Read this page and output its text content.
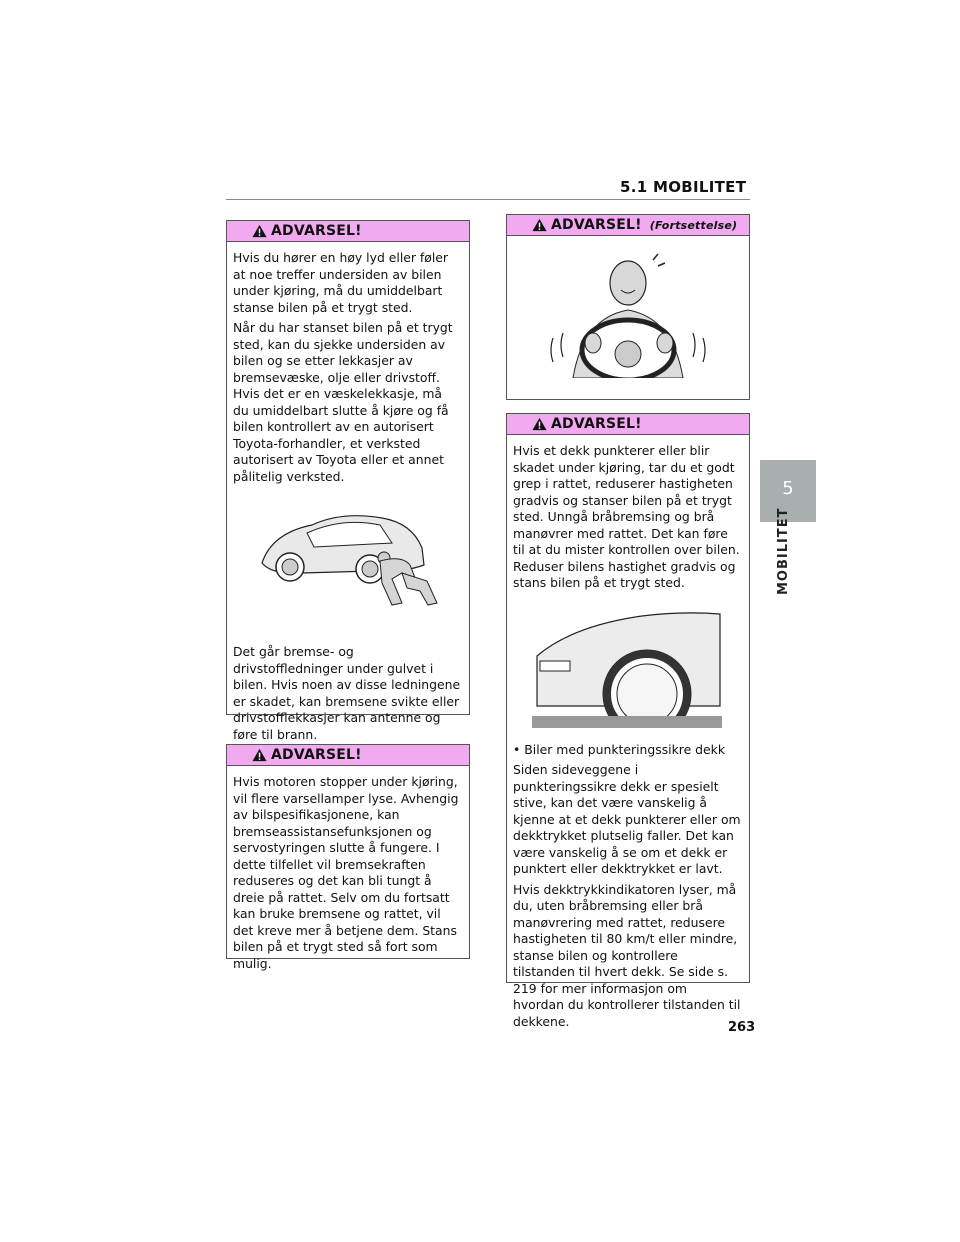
5.1 MOBILITET
5
MOBILITET
ADVARSEL!

Hvis du hører en høy lyd eller føler at noe treffer undersiden av bilen under kjøring, må du umiddelbart stanse bilen på et trygt sted.

Når du har stanset bilen på et trygt sted, kan du sjekke undersiden av bilen og se etter lekkasjer av bremsevæske, olje eller drivstoff. Hvis det er en væskelekkasje, må du umiddelbart slutte å kjøre og få bilen kontrollert av en autorisert Toyota-forhandler, et verksted autorisert av Toyota eller et annet pålitelig verksted.

Det går bremse- og drivstoffledninger under gulvet i bilen. Hvis noen av disse ledningene er skadet, kan bremsene svikte eller drivstofflekkasjer kan antenne og føre til brann.

ADVARSEL!

Hvis motoren stopper under kjøring, vil flere varsellamper lyse. Avhengig av bilspesifikasjonene, kan bremseassistansefunksjonen og servostyringen slutte å fungere. I dette tilfellet vil bremsekraften reduseres og det kan bli tungt å dreie på rattet. Selv om du fortsatt kan bruke bremsene og rattet, vil det kreve mer å betjene dem. Stans bilen på et trygt sted så fort som mulig.

ADVARSEL! (Fortsettelse)
ADVARSEL!

Hvis et dekk punkterer eller blir skadet under kjøring, tar du et godt grep i rattet, reduserer hastigheten gradvis og stanser bilen på et trygt sted. Unngå bråbremsing og brå manøvrer med rattet. Det kan føre til at du mister kontrollen over bilen. Reduser bilens hastighet gradvis og stans bilen på et trygt sted.

• Biler med punkteringssikre dekk

Siden sideveggene i punkteringssikre dekk er spesielt stive, kan det være vanskelig å kjenne at et dekk punkterer eller om dekktrykket plutselig faller. Det kan være vanskelig å se om et dekk er punktert eller dekktrykket er lavt.

Hvis dekktrykkindikatoren lyser, må du, uten bråbremsing eller brå manøvrering med rattet, redusere hastigheten til 80 km/t eller mindre, stanse bilen og kontrollere tilstanden til hvert dekk. Se side s. 219 for mer informasjon om hvordan du kontrollerer tilstanden til dekkene.	263
